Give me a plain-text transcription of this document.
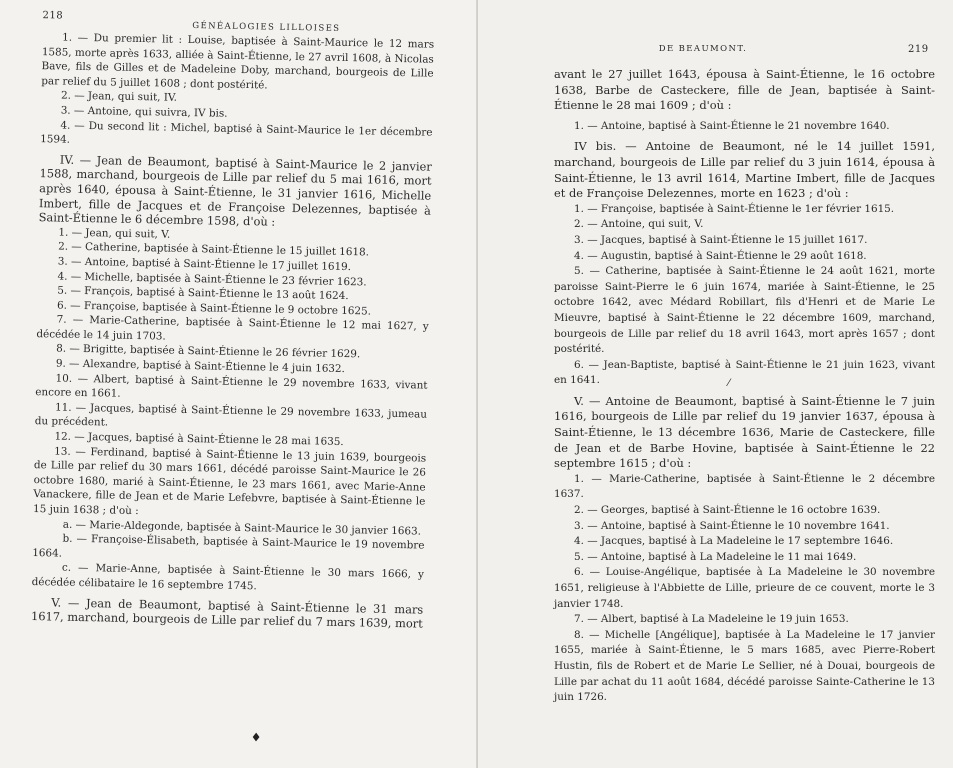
218
GÉNÉALOGIES LILLOISES

1. — Du premier lit : Louise, baptisée à Saint-Maurice le 12 mars 1585, morte après 1633, alliée à Saint-Étienne, le 27 avril 1608, à Nicolas Bave, fils de Gilles et de Madeleine Doby, marchand, bourgeois de Lille par relief du 5 juillet 1608 ; dont postérité.

2. — Jean, qui suit, IV.

3. — Antoine, qui suivra, IV bis.

4. — Du second lit : Michel, baptisé à Saint-Maurice le 1er décembre 1594.

IV. — Jean de Beaumont, baptisé à Saint-Maurice le 2 janvier 1588, marchand, bourgeois de Lille par relief du 5 mai 1616, mort après 1640, épousa à Saint-Étienne, le 31 janvier 1616, Michelle Imbert, fille de Jacques et de Françoise Delezennes, baptisée à Saint-Étienne le 6 décembre 1598, d'où :

1. — Jean, qui suit, V.

2. — Catherine, baptisée à Saint-Étienne le 15 juillet 1618.

3. — Antoine, baptisé à Saint-Étienne le 17 juillet 1619.

4. — Michelle, baptisée à Saint-Étienne le 23 février 1623.

5. — François, baptisé à Saint-Étienne le 13 août 1624.

6. — Françoise, baptisée à Saint-Étienne le 9 octobre 1625.

7. — Marie-Catherine, baptisée à Saint-Étienne le 12 mai 1627, y décédée le 14 juin 1703.

8. — Brigitte, baptisée à Saint-Étienne le 26 février 1629.

9. — Alexandre, baptisé à Saint-Étienne le 4 juin 1632.

10. — Albert, baptisé à Saint-Étienne le 29 novembre 1633, vivant encore en 1661.

11. — Jacques, baptisé à Saint-Étienne le 29 novembre 1633, jumeau du précédent.

12. — Jacques, baptisé à Saint-Étienne le 28 mai 1635.

13. — Ferdinand, baptisé à Saint-Étienne le 13 juin 1639, bourgeois de Lille par relief du 30 mars 1661, décédé paroisse Saint-Maurice le 26 octobre 1680, marié à Saint-Étienne, le 23 mars 1661, avec Marie-Anne Vanackere, fille de Jean et de Marie Lefebvre, baptisée à Saint-Étienne le 15 juin 1638 ; d'où :

a. — Marie-Aldegonde, baptisée à Saint-Maurice le 30 janvier 1663.

b. — Françoise-Élisabeth, baptisée à Saint-Maurice le 19 novembre 1664.

c. — Marie-Anne, baptisée à Saint-Étienne le 30 mars 1666, y décédée célibataire le 16 septembre 1745.

V. — Jean de Beaumont, baptisé à Saint-Étienne le 31 mars 1617, marchand, bourgeois de Lille par relief du 7 mars 1639, mort

♦
DE BEAUMONT.	219
⁄

avant le 27 juillet 1643, épousa à Saint-Étienne, le 16 octobre 1638, Barbe de Casteckere, fille de Jean, baptisée à Saint-Étienne le 28 mai 1609 ; d'où :

1. — Antoine, baptisé à Saint-Étienne le 21 novembre 1640.

IV bis. — Antoine de Beaumont, né le 14 juillet 1591, marchand, bourgeois de Lille par relief du 3 juin 1614, épousa à Saint-Étienne, le 13 avril 1614, Martine Imbert, fille de Jacques et de Françoise Delezennes, morte en 1623 ; d'où :

1. — Françoise, baptisée à Saint-Étienne le 1er février 1615.

2. — Antoine, qui suit, V.

3. — Jacques, baptisé à Saint-Étienne le 15 juillet 1617.

4. — Augustin, baptisé à Saint-Étienne le 29 août 1618.

5. — Catherine, baptisée à Saint-Étienne le 24 août 1621, morte paroisse Saint-Pierre le 6 juin 1674, mariée à Saint-Étienne, le 25 octobre 1642, avec Médard Robillart, fils d'Henri et de Marie Le Mieuvre, baptisé à Saint-Étienne le 22 décembre 1609, marchand, bourgeois de Lille par relief du 18 avril 1643, mort après 1657 ; dont postérité.

6. — Jean-Baptiste, baptisé à Saint-Étienne le 21 juin 1623, vivant en 1641.

V. — Antoine de Beaumont, baptisé à Saint-Étienne le 7 juin 1616, bourgeois de Lille par relief du 19 janvier 1637, épousa à Saint-Étienne, le 13 décembre 1636, Marie de Casteckere, fille de Jean et de Barbe Hovine, baptisée à Saint-Étienne le 22 septembre 1615 ; d'où :

1. — Marie-Catherine, baptisée à Saint-Étienne le 2 décembre 1637.

2. — Georges, baptisé à Saint-Étienne le 16 octobre 1639.

3. — Antoine, baptisé à Saint-Étienne le 10 novembre 1641.

4. — Jacques, baptisé à La Madeleine le 17 septembre 1646.

5. — Antoine, baptisé à La Madeleine le 11 mai 1649.

6. — Louise-Angélique, baptisée à La Madeleine le 30 novembre 1651, religieuse à l'Abbiette de Lille, prieure de ce couvent, morte le 3 janvier 1748.

7. — Albert, baptisé à La Madeleine le 19 juin 1653.

8. — Michelle [Angélique], baptisée à La Madeleine le 17 janvier 1655, mariée à Saint-Étienne, le 5 mars 1685, avec Pierre-Robert Hustin, fils de Robert et de Marie Le Sellier, né à Douai, bourgeois de Lille par achat du 11 août 1684, décédé paroisse Sainte-Catherine le 13 juin 1726.
